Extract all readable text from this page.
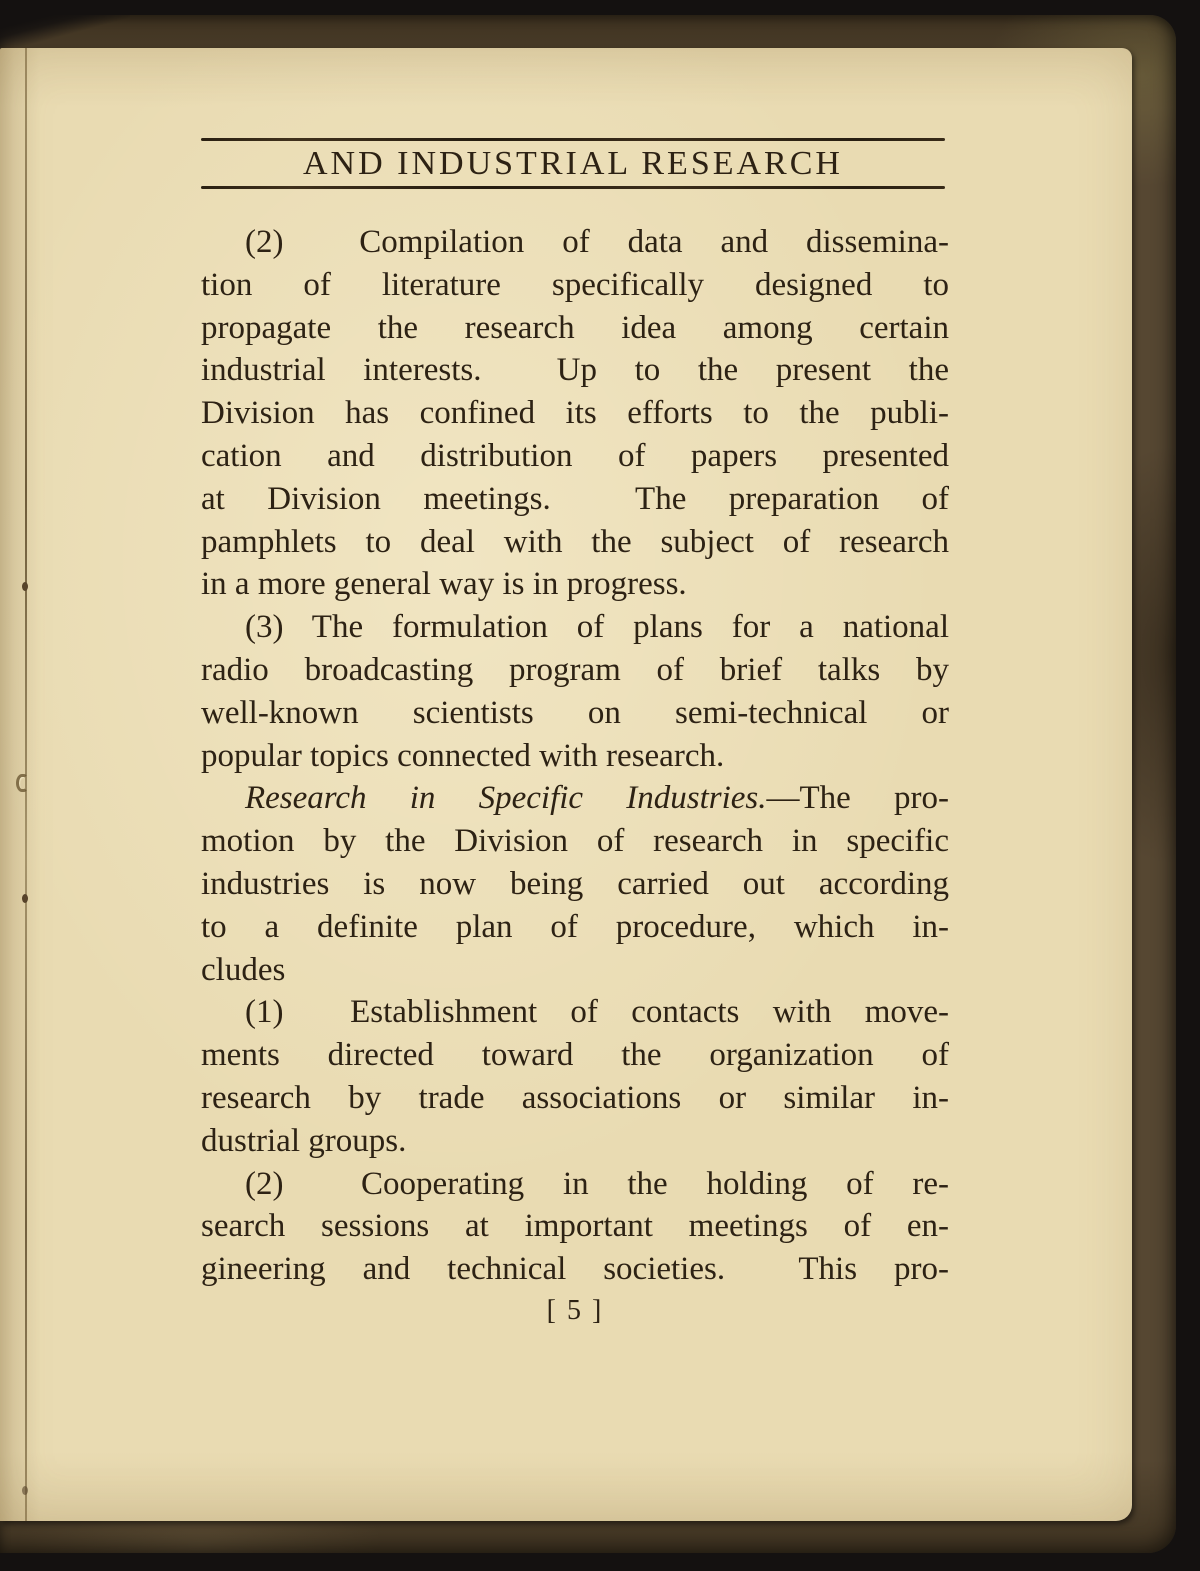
AND INDUSTRIAL RESEARCH
(2)  Compilation of data and dissemina-
tion of literature specifically designed to
propagate the research idea among certain
industrial interests.  Up to the present the
Division has confined its efforts to the publi-
cation and distribution of papers presented
at Division meetings.  The preparation of
pamphlets to deal with the subject of research
in a more general way is in progress.
(3) The formulation of plans for a national
radio broadcasting program of brief talks by
well-known scientists on semi-technical or
popular topics connected with research.
Research in Specific Industries.—The pro-
motion by the Division of research in specific
industries is now being carried out according
to a definite plan of procedure, which in-
cludes
(1)  Establishment of contacts with move-
ments directed toward the organization of
research by trade associations or similar in-
dustrial groups.
(2)  Cooperating in the holding of re-
search sessions at important meetings of en-
gineering and technical societies.  This pro-
[ 5 ]
